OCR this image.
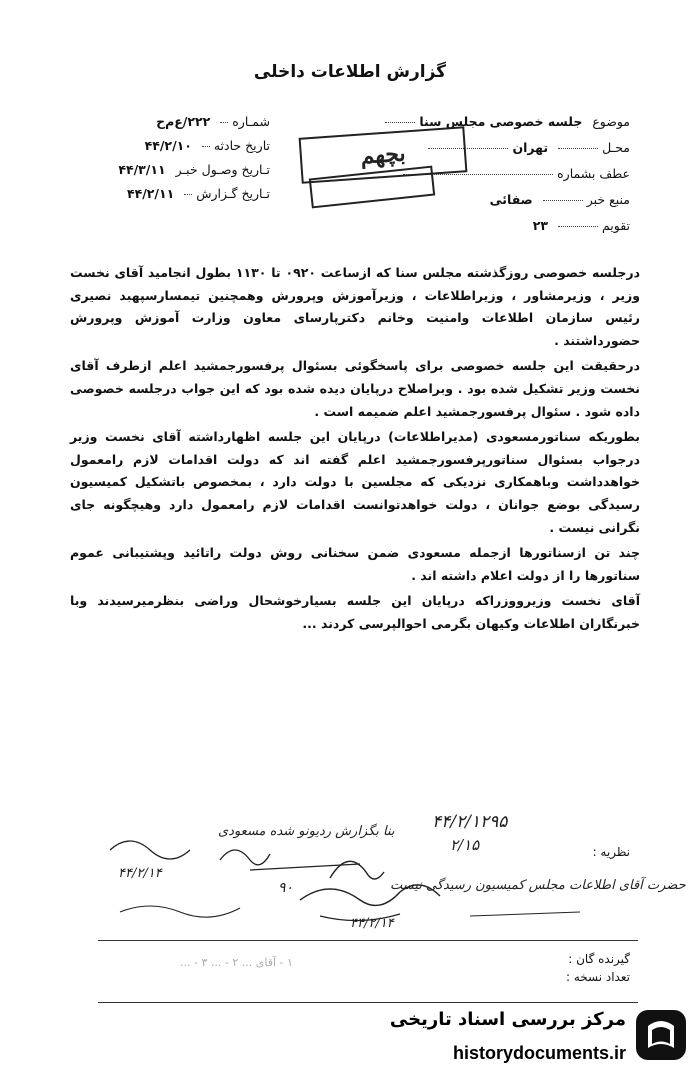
گزارش اطلاعات داخلی
موضوع جلسه خصوصی مجلس سنا
محـل  تهران
عطف بشماره
منبع خبر  صفائی
تقویم  ۲۳
بچهم
شمـاره  ۲۲۲/ع‌م‌ح
تاریخ حادثه  ۴۴/۲/۱۰
تـاریخ وصـول خبـر ۴۴/۳/۱۱
تـاریخ گـزارش  ۴۴/۲/۱۱

درجلسه خصوصی روزگذشته مجلس سنا که ازساعت ۰۹۲۰ تا ۱۱۳۰ بطول انجامید آقای نخست وزیر ، وزیرمشاور ، وزیراطلاعات ، وزیرآموزش وپرورش وهمچنین تیمسارسپهبد نصیری رئیس سازمان اطلاعات وامنیت وخانم دکترپارسای معاون وزارت آموزش وپرورش حضورداشتند .

درحقیقت این جلسه خصوصی برای پاسخگوئی بسئوال پرفسورجمشید اعلم ازطرف آقای نخست وزیر تشکیل شده بود . وبراصلاح درپایان دیده شده بود که این جواب درجلسه خصوصی داده شود . سئوال پرفسورجمشید اعلم ضمیمه است .

بطوریکه سناتورمسعودی (مدیراطلاعات) درپایان این جلسه اظهارداشته آقای نخست وزیر درجواب بسئوال سناتورپرفسورجمشید اعلم گفته اند که دولت اقدامات لازم رامعمول خواهدداشت وباهمکاری نزدیکی که مجلسین با دولت دارد ، بمخصوص باتشکیل کمیسیون رسیدگی بوضع جوانان ، دولت خواهدتوانست اقدامات لازم رامعمول دارد وهیچگونه جای نگرانی نیست .

چند تن ازسناتورها ازجمله مسعودی ضمن سخنانی روش دولت راتائید وپشتیبانی عموم سناتورها را از دولت اعلام داشته اند .

آقای نخست وزیرووزراکه درپایان این جلسه بسیارخوشحال وراضی بنظرمیرسیدند وبا خبرنگاران اطلاعات وکیهان بگرمی احوالپرسی کردند ...

نظریه :
۴۴/۲/۱۲۹۵
۲/۱۵
بنا بگزارش ردیونو شده مسعودی
حضرت آقای اطلاعات مجلس کمیسیون رسیدگی نیست
۴۴/۲/۱۴
۴۴/۲/۱۴
۹۰
گیرنده گان :
تعداد نسخه :
۱ - آقای ... ۲ - ... ۳ - ...
مرکز بررسی اسناد تاریخی
historydocuments.ir
